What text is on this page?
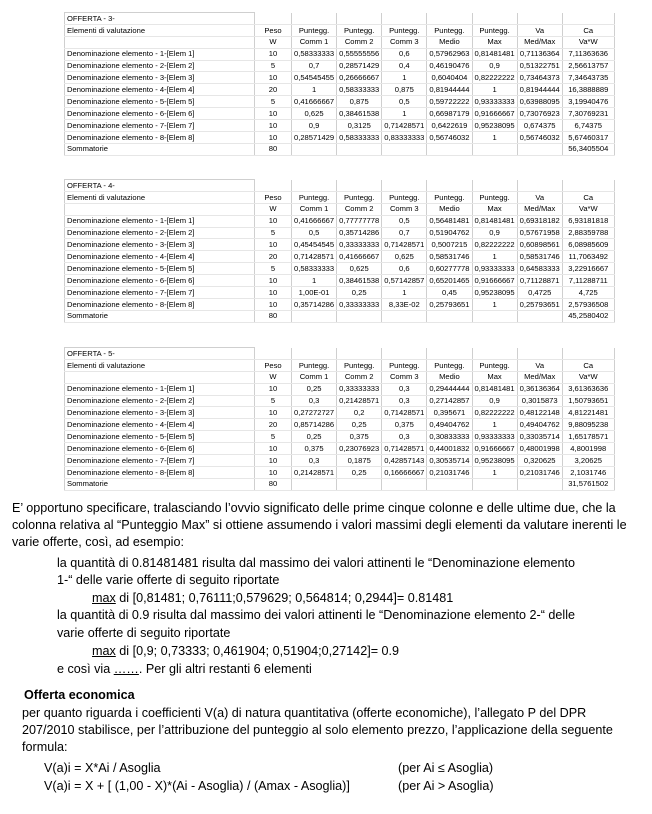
OFFERTA - 3-								
Elementi di valutazione	Peso	Puntegg.	Puntegg.	Puntegg.	Puntegg.	Puntegg.	Va	Ca
	W	Comm 1	Comm 2	Comm 3	Medio	Max	Med/Max	Va*W
Denominazione elemento - 1-[Elem 1]	10	0,58333333	0,55555556	0,6	0,57962963	0,81481481	0,71136364	7,11363636
Denominazione elemento - 2-[Elem 2]	5	0,7	0,28571429	0,4	0,46190476	0,9	0,51322751	2,56613757
Denominazione elemento - 3-[Elem 3]	10	0,54545455	0,26666667	1	0,6040404	0,82222222	0,73464373	7,34643735
Denominazione elemento - 4-[Elem 4]	20	1	0,58333333	0,875	0,81944444	1	0,81944444	16,3888889
Denominazione elemento - 5-[Elem 5]	5	0,41666667	0,875	0,5	0,59722222	0,93333333	0,63988095	3,19940476
Denominazione elemento - 6-[Elem 6]	10	0,625	0,38461538	1	0,66987179	0,91666667	0,73076923	7,30769231
Denominazione elemento - 7-[Elem 7]	10	0,9	0,3125	0,71428571	0,6422619	0,95238095	0,674375	6,74375
Denominazione elemento - 8-[Elem 8]	10	0,28571429	0,58333333	0,83333333	0,56746032	1	0,56746032	5,67460317
Sommatorie	80							56,3405504
OFFERTA - 4-								
Elementi di valutazione	Peso	Puntegg.	Puntegg.	Puntegg.	Puntegg.	Puntegg.	Va	Ca
	W	Comm 1	Comm 2	Comm 3	Medio	Max	Med/Max	Va*W
Denominazione elemento - 1-[Elem 1]	10	0,41666667	0,77777778	0,5	0,56481481	0,81481481	0,69318182	6,93181818
Denominazione elemento - 2-[Elem 2]	5	0,5	0,35714286	0,7	0,51904762	0,9	0,57671958	2,88359788
Denominazione elemento - 3-[Elem 3]	10	0,45454545	0,33333333	0,71428571	0,5007215	0,82222222	0,60898561	6,08985609
Denominazione elemento - 4-[Elem 4]	20	0,71428571	0,41666667	0,625	0,58531746	1	0,58531746	11,7063492
Denominazione elemento - 5-[Elem 5]	5	0,58333333	0,625	0,6	0,60277778	0,93333333	0,64583333	3,22916667
Denominazione elemento - 6-[Elem 6]	10	1	0,38461538	0,57142857	0,65201465	0,91666667	0,71128871	7,11288711
Denominazione elemento - 7-[Elem 7]	10	1,00E-01	0,25	1	0,45	0,95238095	0,4725	4,725
Denominazione elemento - 8-[Elem 8]	10	0,35714286	0,33333333	8,33E-02	0,25793651	1	0,25793651	2,57936508
Sommatorie	80							45,2580402
OFFERTA - 5-								
Elementi di valutazione	Peso	Puntegg.	Puntegg.	Puntegg.	Puntegg.	Puntegg.	Va	Ca
	W	Comm 1	Comm 2	Comm 3	Medio	Max	Med/Max	Va*W
Denominazione elemento - 1-[Elem 1]	10	0,25	0,33333333	0,3	0,29444444	0,81481481	0,36136364	3,61363636
Denominazione elemento - 2-[Elem 2]	5	0,3	0,21428571	0,3	0,27142857	0,9	0,3015873	1,50793651
Denominazione elemento - 3-[Elem 3]	10	0,27272727	0,2	0,71428571	0,395671	0,82222222	0,48122148	4,81221481
Denominazione elemento - 4-[Elem 4]	20	0,85714286	0,25	0,375	0,49404762	1	0,49404762	9,88095238
Denominazione elemento - 5-[Elem 5]	5	0,25	0,375	0,3	0,30833333	0,93333333	0,33035714	1,65178571
Denominazione elemento - 6-[Elem 6]	10	0,375	0,23076923	0,71428571	0,44001832	0,91666667	0,48001998	4,8001998
Denominazione elemento - 7-[Elem 7]	10	0,3	0,1875	0,42857143	0,30535714	0,95238095	0,320625	3,20625
Denominazione elemento - 8-[Elem 8]	10	0,21428571	0,25	0,16666667	0,21031746	1	0,21031746	2,1031746
Sommatorie	80							31,5761502
E’ opportuno specificare, tralasciando l’ovvio significato delle prime cinque colonne e delle ultime due, che la colonna relativa al “Punteggio Max” si ottiene assumendo i valori massimi degli elementi da valutare inerenti le varie offerte, così, ad esempio:
la quantità di 0.81481481 risulta dal massimo dei valori attinenti le “Denominazione elemento
1-“ delle varie offerte di seguito riportate
max di [0,81481; 0,76111;0,579629; 0,564814; 0,2944]= 0.81481
la quantità di 0.9 risulta dal massimo dei valori attinenti le “Denominazione elemento 2-“ delle
varie offerte di seguito riportate
max di [0,9; 0,73333; 0,461904; 0,51904;0,27142]= 0.9
e così via ……. Per gli altri restanti 6 elementi
Offerta economica
per quanto riguarda i coefficienti V(a) di natura quantitativa (offerte economiche), l’allegato P del DPR 207/2010 stabilisce, per l’attribuzione del punteggio al solo elemento prezzo, l’applicazione della seguente formula:
V(a)i = X*Ai / Asoglia	(per Ai ≤ Asoglia)
V(a)i = X + [ (1,00 - X)*(Ai - Asoglia) / (Amax - Asoglia)]	(per Ai > Asoglia)
